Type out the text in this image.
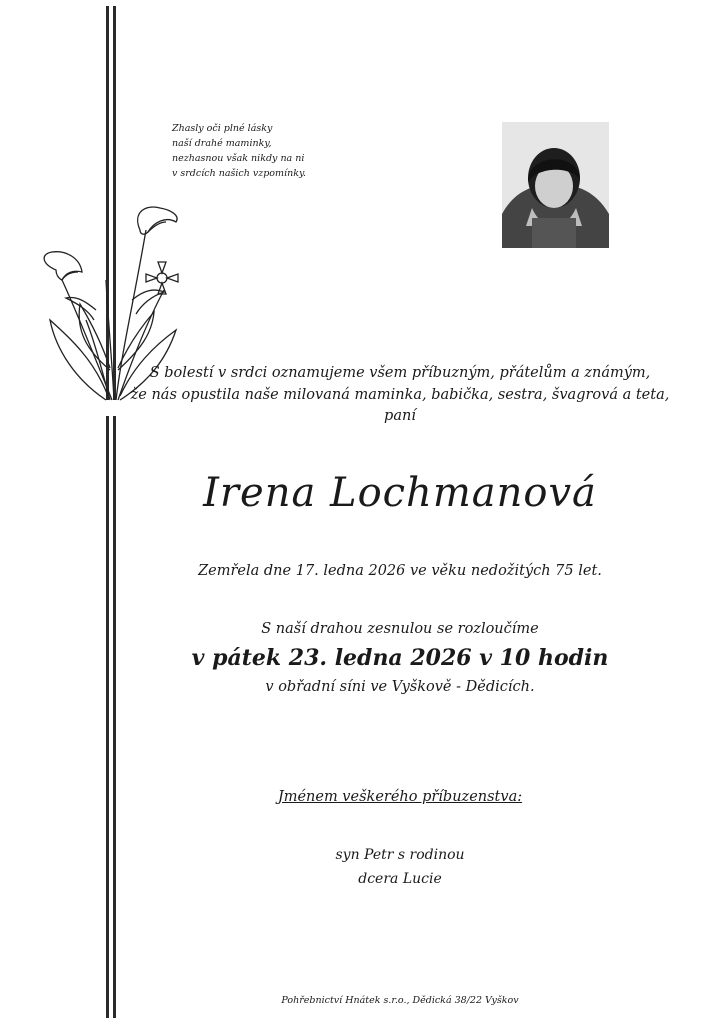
Zhasly oči plné lásky
naší drahé maminky,
nezhasnou však nikdy na ni
v srdcích našich vzpomínky.
S bolestí v srdci oznamujeme všem příbuzným, přátelům a známým,
že nás opustila naše milovaná maminka, babička, sestra, švagrová a teta,
paní
Irena Lochmanová
Zemřela dne 17. ledna 2026 ve věku nedožitých 75 let.
S naší drahou zesnulou se rozloučíme
v pátek 23. ledna 2026 v 10 hodin
v obřadní síni ve Vyškově - Dědicích.
Jménem veškerého příbuzenstva:
syn Petr s rodinou
dcera Lucie
Pohřebnictví Hnátek s.r.o., Dědická 38/22 Vyškov
